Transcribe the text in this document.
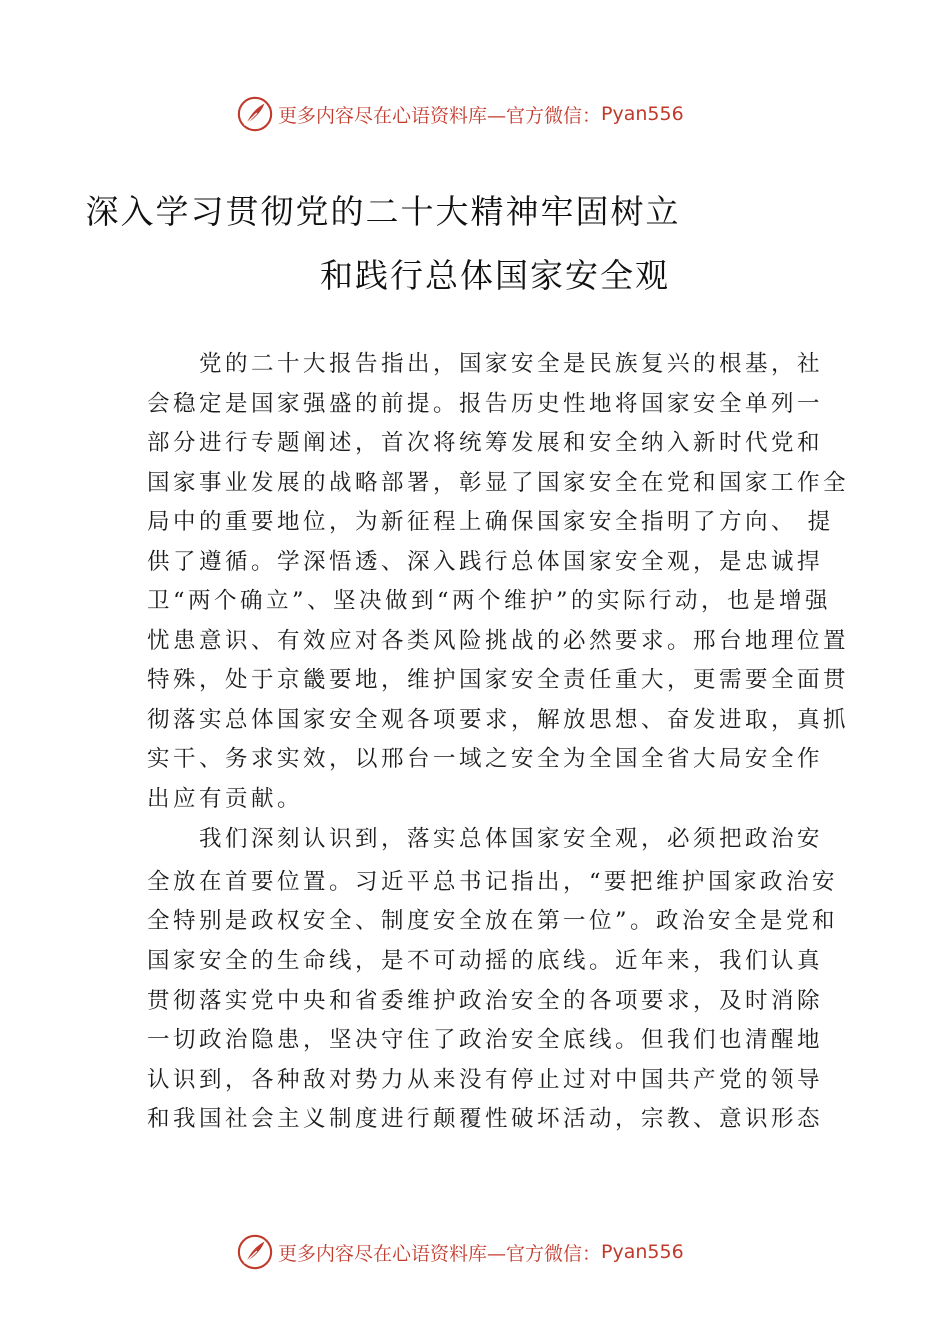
更多内容尽在心语资料库—官方微信： Pyan556
深入学习贯彻党的二十大精神牢固树立
和践行总体国家安全观

　　党的二十大报告指出，国家安全是民族复兴的根基，社

会稳定是国家强盛的前提。报告历史性地将国家安全单列一

部分进行专题阐述，首次将统筹发展和安全纳入新时代党和

国家事业发展的战略部署，彰显了国家安全在党和国家工作全

局中的重要地位，为新征程上确保国家安全指明了方向、 提

供了遵循。学深悟透、深入践行总体国家安全观，是忠诚捍

卫“两个确立”、坚决做到“两个维护”的实际行动，也是增强

忧患意识、有效应对各类风险挑战的必然要求。邢台地理位置

特殊，处于京畿要地，维护国家安全责任重大，更需要全面贯

彻落实总体国家安全观各项要求，解放思想、奋发进取，真抓

实干、务求实效，以邢台一域之安全为全国全省大局安全作

出应有贡献。

　　我们深刻认识到，落实总体国家安全观，必须把政治安

全放在首要位置。习近平总书记指出，“要把维护国家政治安

全特别是政权安全、制度安全放在第一位”。政治安全是党和

国家安全的生命线，是不可动摇的底线。近年来，我们认真

贯彻落实党中央和省委维护政治安全的各项要求，及时消除

一切政治隐患，坚决守住了政治安全底线。但我们也清醒地

认识到，各种敌对势力从来没有停止过对中国共产党的领导

和我国社会主义制度进行颠覆性破坏活动，宗教、意识形态

更多内容尽在心语资料库—官方微信： Pyan556
